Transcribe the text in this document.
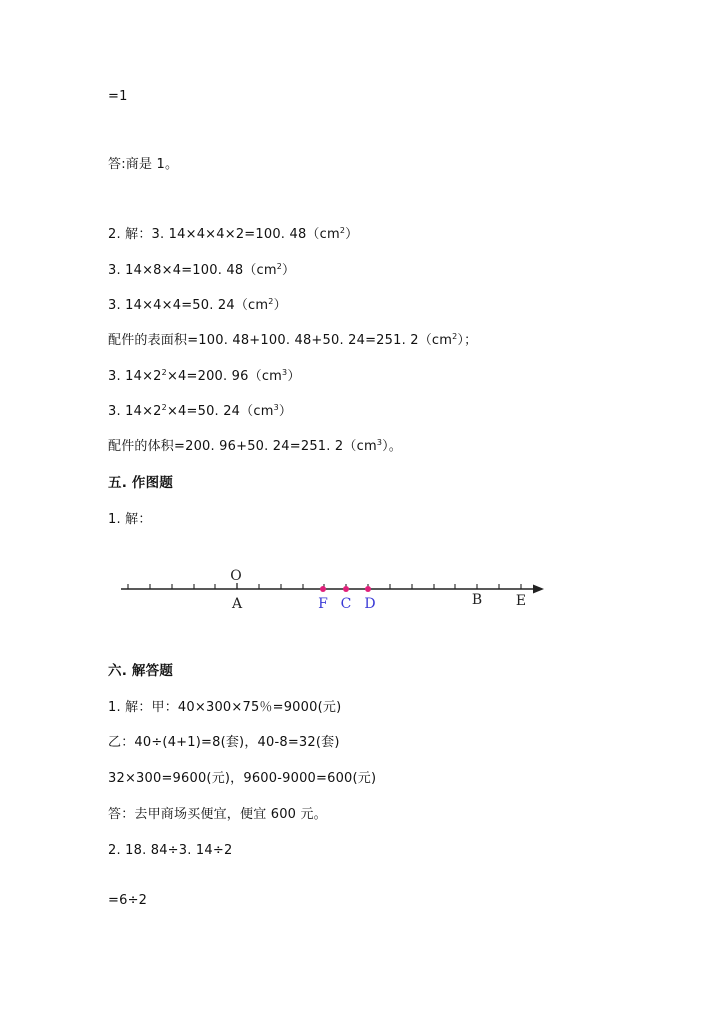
=1
答:商是 1。
2. 解：3. 14×4×4×2=100. $48(cm^2)$
3. 14×8×4=100. $48(cm^2)$
3. 14×4×4=50. $24(cm^2)$
配件的表面积=100. 48+100. 48+50. 24=251. $2(cm^2)$；
3. $14\times 2^2\times 4=200$. $96(cm^3)$
3. $14\times 2^2\times 4=50$. $24(cm^3)$
配件的体积=200. 96+50. 24=251. $2(cm^3)$。
五. 作图题
1. 解：
O
A	F C D	B E
六. 解答题
1. 解：甲：40×300×75％=9000(元)
乙：40÷(4+1)=8(套)，40-8=32(套)
32×300=9600(元)，9600-9000=600(元)
答：去甲商场买便宜，便宜 600 元。
2. 18. 84÷3. 14÷2
=6÷2
